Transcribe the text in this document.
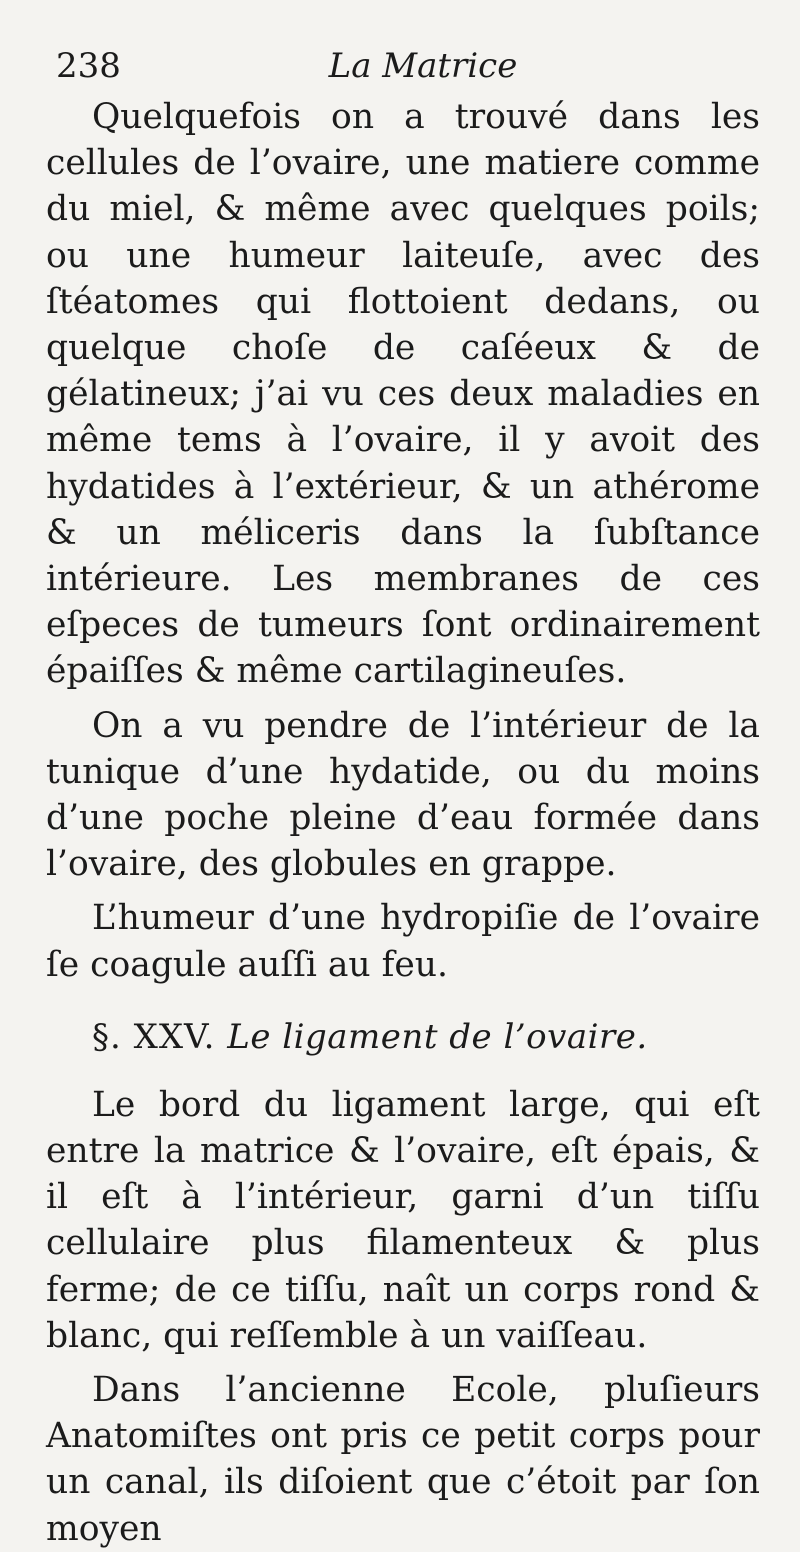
238	La Matrice

Quelquefois on a trouvé dans les cellules de l’ovaire, une matiere comme du miel, & même avec quelques poils; ou une humeur laiteuſe, avec des ſtéatomes qui flottoient dedans, ou quelque choſe de caſéeux & de gélatineux; j’ai vu ces deux maladies en même tems à l’ovaire, il y avoit des hydatides à l’extérieur, & un athérome & un méliceris dans la ſubſtance intérieure. Les membranes de ces eſpeces de tumeurs ſont ordinairement épaiſſes & même cartilagineuſes.

On a vu pendre de l’intérieur de la tunique d’une hydatide, ou du moins d’une poche pleine d’eau formée dans l’ovaire, des globules en grappe.

L’humeur d’une hydropiſie de l’ovaire ſe coagule auſſi au feu.

§. XXV. Le ligament de l’ovaire.

Le bord du ligament large, qui eſt entre la matrice & l’ovaire, eſt épais, & il eſt à l’intérieur, garni d’un tiſſu cellulaire plus filamenteux & plus ferme; de ce tiſſu, naît un corps rond & blanc, qui reſſemble à un vaiſſeau.

Dans l’ancienne Ecole, pluſieurs Anatomiſtes ont pris ce petit corps pour un canal, ils diſoient que c’étoit par ſon moyen
